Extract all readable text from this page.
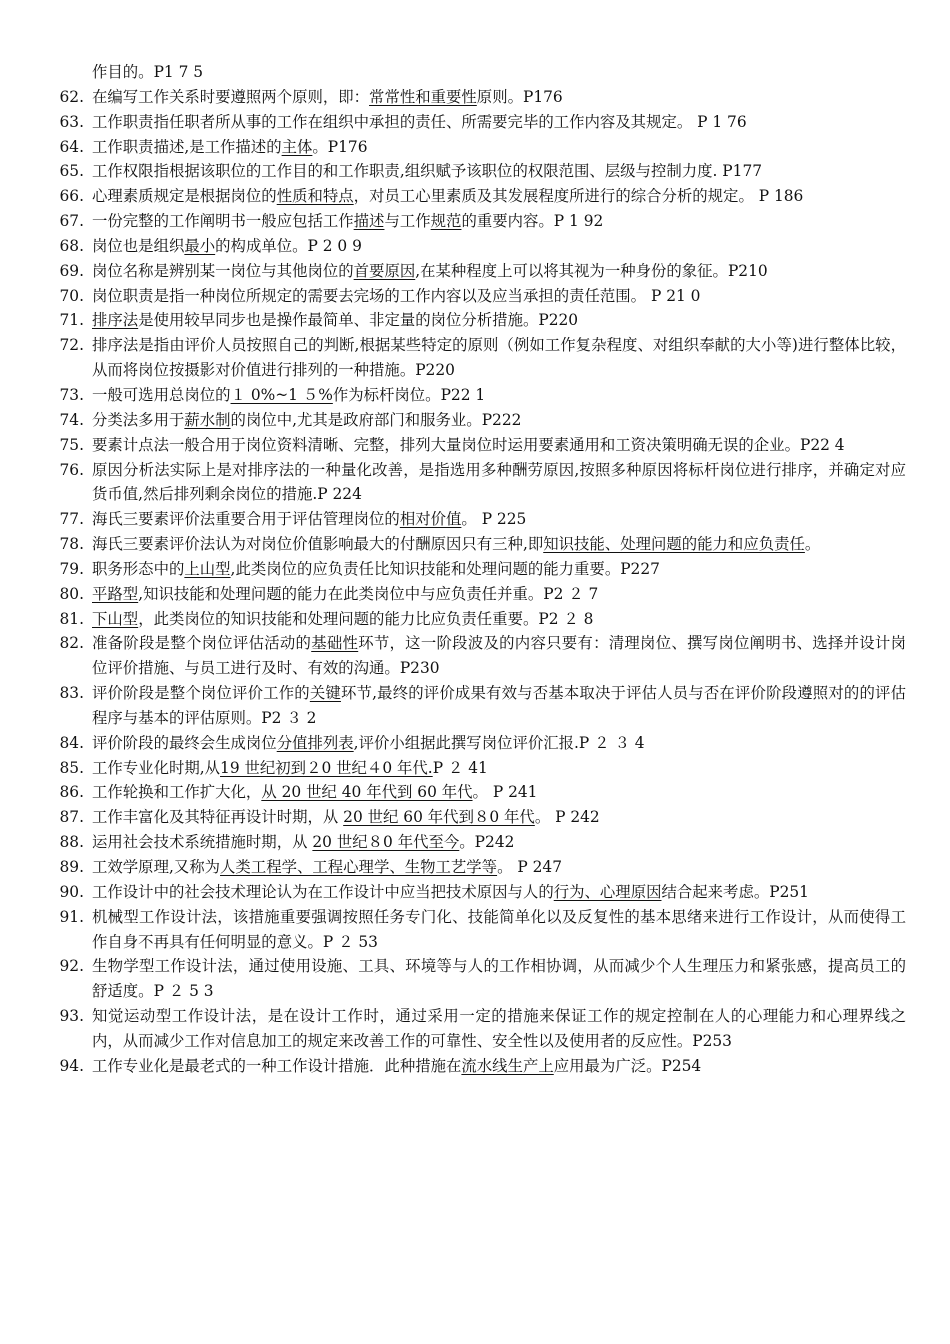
作目的。P1 7 5
62. 在编写工作关系时要遵照两个原则，即：常常性和重要性原则。P176
63. 工作职责指任职者所从事的工作在组织中承担的责任、所需要完毕的工作内容及其规定。 P 1 76
64. 工作职责描述,是工作描述的主体。P176
65. 工作权限指根据该职位的工作目的和工作职责,组织赋予该职位的权限范围、层级与控制力度. P177
66. 心理素质规定是根据岗位的性质和特点，对员工心里素质及其发展程度所进行的综合分析的规定。 P 186
67. 一份完整的工作阐明书一般应包括工作描述与工作规范的重要内容。P 1 92
68. 岗位也是组织最小的构成单位。P 2 0 9
69. 岗位名称是辨别某一岗位与其他岗位的首要原因,在某种程度上可以将其视为一种身份的象征。P210
70. 岗位职责是指一种岗位所规定的需要去完场的工作内容以及应当承担的责任范围。 P 21 0
71. 排序法是使用较早同步也是操作最简单、非定量的岗位分析措施。P220
72. 排序法是指由评价人员按照自己的判断,根据某些特定的原则（例如工作复杂程度、对组织奉献的大小等)进行整体比较，从而将岗位按摄影对价值进行排列的一种措施。P220
73. 一般可选用总岗位的１ 0%~1 ５%作为标杆岗位。P22 1
74. 分类法多用于薪水制的岗位中,尤其是政府部门和服务业。P222
75. 要素计点法一般合用于岗位资料清晰、完整，排列大量岗位时运用要素通用和工资决策明确无误的企业。P22 4
76. 原因分析法实际上是对排序法的一种量化改善，是指选用多种酬劳原因,按照多种原因将标杆岗位进行排序，并确定对应货币值,然后排列剩余岗位的措施.P 224
77. 海氏三要素评价法重要合用于评估管理岗位的相对价值。 P 225
78. 海氏三要素评价法认为对岗位价值影响最大的付酬原因只有三种,即知识技能、处理问题的能力和应负责任。
79. 职务形态中的上山型,此类岗位的应负责任比知识技能和处理问题的能力重要。P227
80. 平路型,知识技能和处理问题的能力在此类岗位中与应负责任并重。P2 ２ 7
81. 下山型，此类岗位的知识技能和处理问题的能力比应负责任重要。P2 ２ 8
82. 准备阶段是整个岗位评估活动的基础性环节，这一阶段波及的内容只要有：清理岗位、撰写岗位阐明书、选择并设计岗位评价措施、与员工进行及时、有效的沟通。P230
83. 评价阶段是整个岗位评价工作的关键环节,最终的评价成果有效与否基本取决于评估人员与否在评价阶段遵照对的的评估程序与基本的评估原则。P2 ３ 2
84. 评价阶段的最终会生成岗位分值排列表,评价小组据此撰写岗位评价汇报.P ２ ３ 4
85. 工作专业化时期,从19 世纪初到２0 世纪４0 年代.P ２ 41
86. 工作轮换和工作扩大化，从 20 世纪 40 年代到 60 年代。 P 241
87. 工作丰富化及其特征再设计时期，从 20 世纪 60 年代到８0 年代。 P 242
88. 运用社会技术系统措施时期，从 20 世纪８0 年代至今。P242
89. 工效学原理,又称为人类工程学、工程心理学、生物工艺学等。 P 247
90. 工作设计中的社会技术理论认为在工作设计中应当把技术原因与人的行为、心理原因结合起来考虑。P251
91. 机械型工作设计法，该措施重要强调按照任务专门化、技能简单化以及反复性的基本思绪来进行工作设计，从而使得工作自身不再具有任何明显的意义。P ２ 53
92. 生物学型工作设计法，通过使用设施、工具、环境等与人的工作相协调，从而减少个人生理压力和紧张感，提高员工的舒适度。P ２ 5 3
93. 知觉运动型工作设计法，是在设计工作时，通过采用一定的措施来保证工作的规定控制在人的心理能力和心理界线之内，从而减少工作对信息加工的规定来改善工作的可靠性、安全性以及使用者的反应性。P253
94. 工作专业化是最老式的一种工作设计措施．此种措施在流水线生产上应用最为广泛。P254
